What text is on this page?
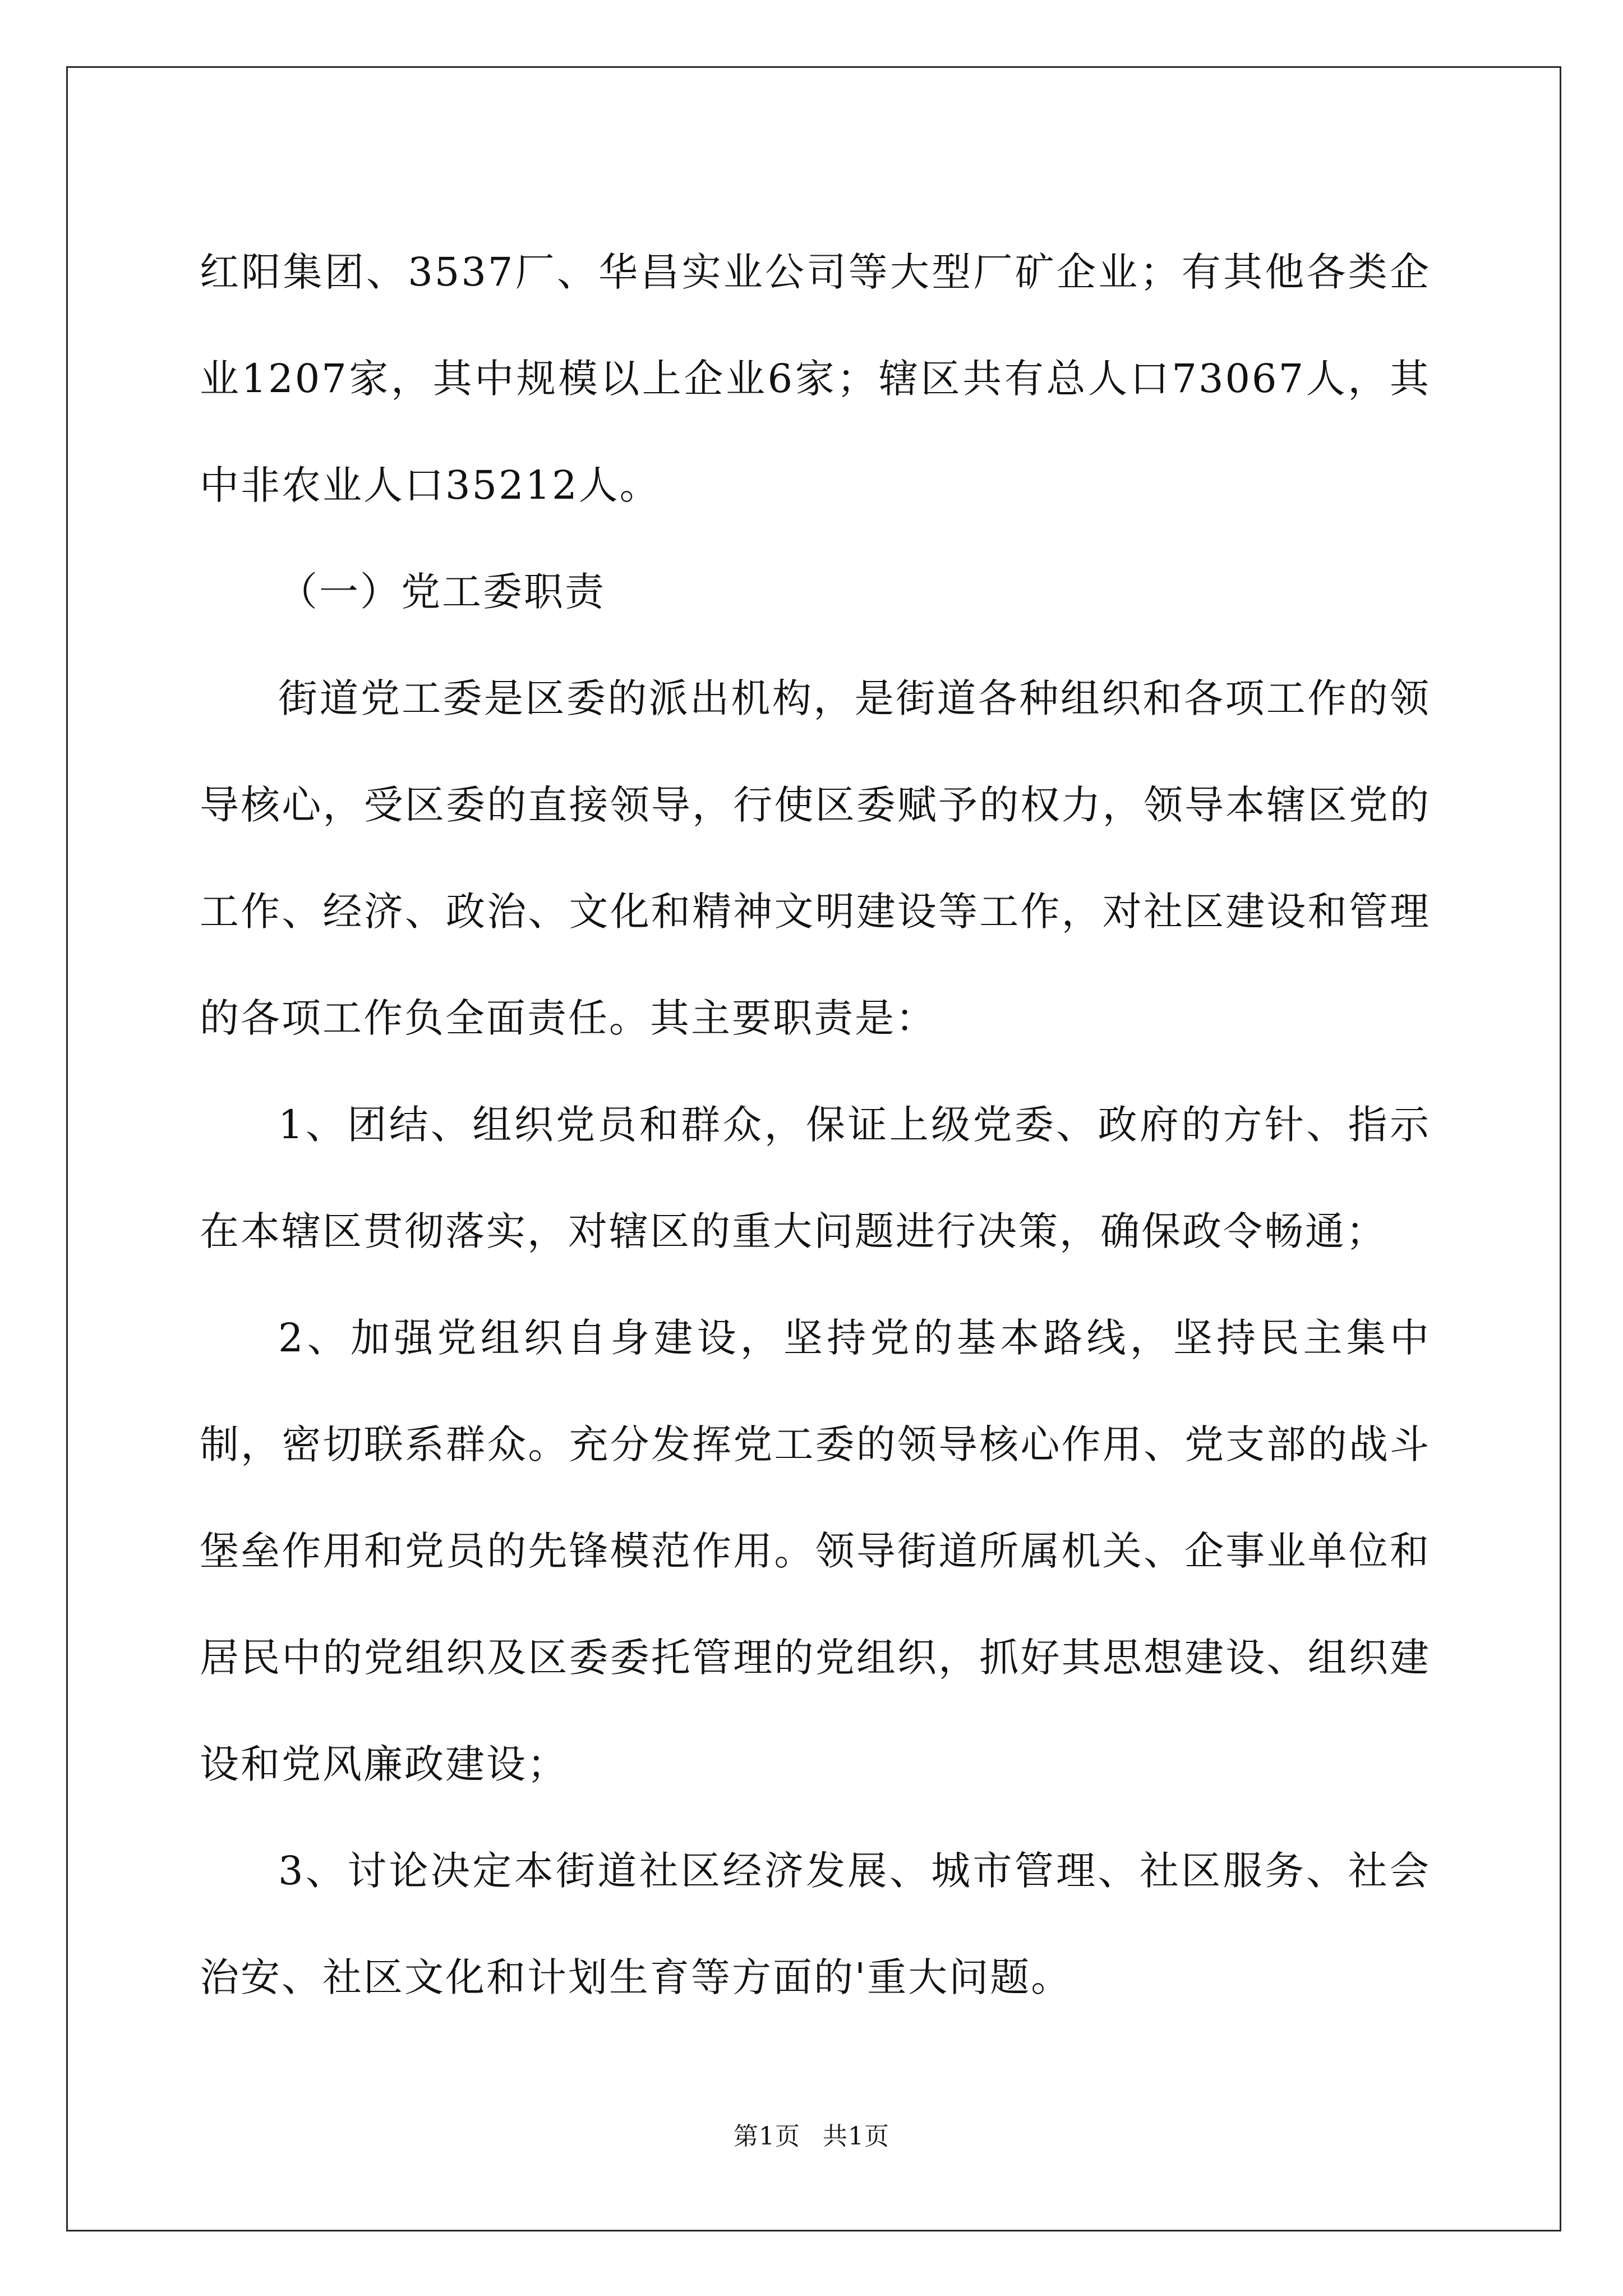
红阳集团、3537厂、华昌实业公司等大型厂矿企业；有其他各类企业1207家，其中规模以上企业6家；辖区共有总人口73067人，其中非农业人口35212人。

（一）党工委职责

街道党工委是区委的派出机构，是街道各种组织和各项工作的领导核心，受区委的直接领导，行使区委赋予的权力，领导本辖区党的工作、经济、政治、文化和精神文明建设等工作，对社区建设和管理的各项工作负全面责任。其主要职责是：

1、团结、组织党员和群众，保证上级党委、政府的方针、指示在本辖区贯彻落实，对辖区的重大问题进行决策，确保政令畅通；

2、加强党组织自身建设，坚持党的基本路线，坚持民主集中制，密切联系群众。充分发挥党工委的领导核心作用、党支部的战斗堡垒作用和党员的先锋模范作用。领导街道所属机关、企事业单位和居民中的党组织及区委委托管理的党组织，抓好其思想建设、组织建设和党风廉政建设；

3、讨论决定本街道社区经济发展、城市管理、社区服务、社会治安、社区文化和计划生育等方面的'重大问题。

第1页 共1页
